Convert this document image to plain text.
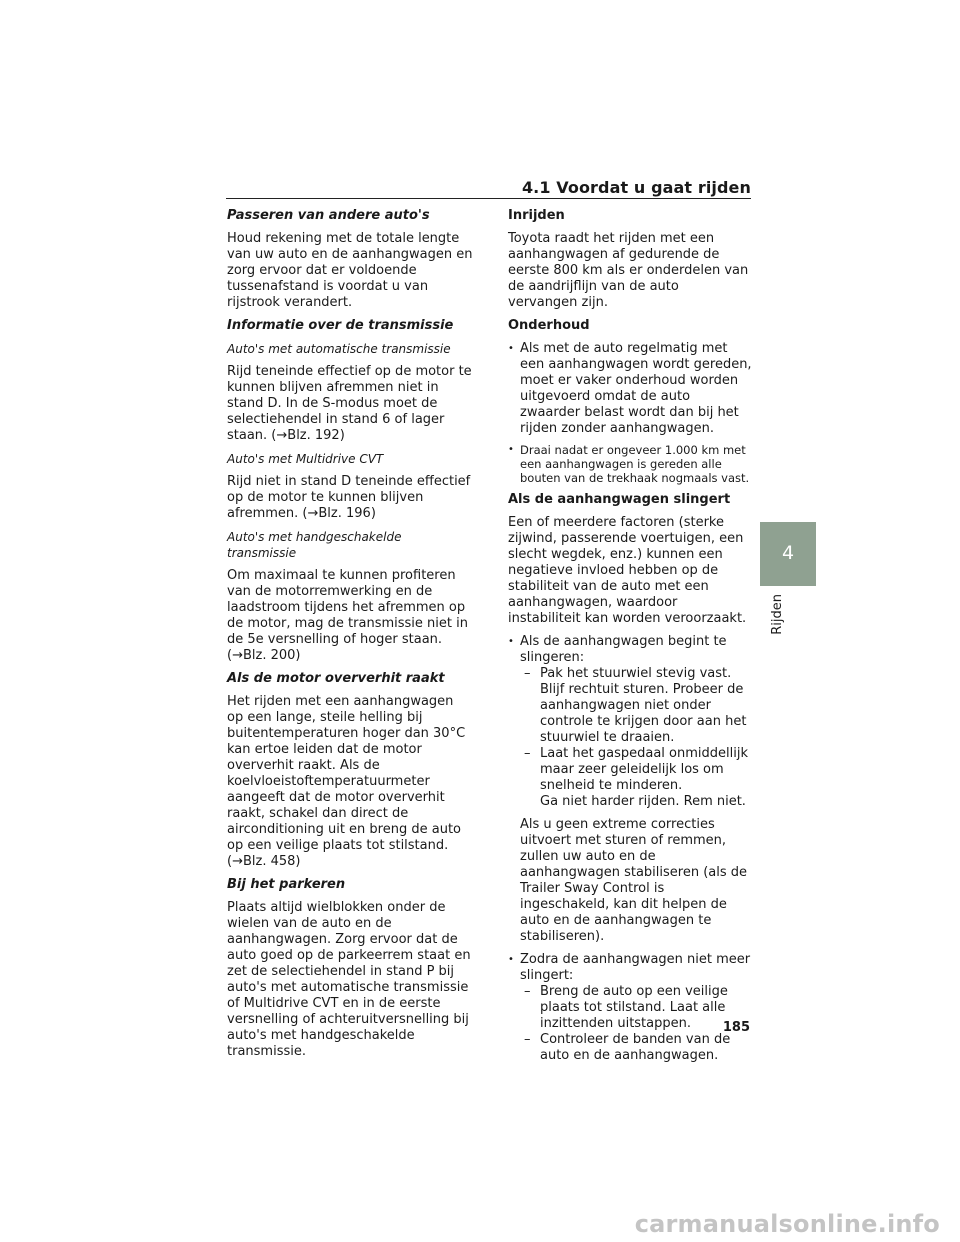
4.1 Voordat u gaat rijden
Passeren van andere auto's

Houd rekening met de totale lengte van uw auto en de aanhangwagen en zorg ervoor dat er voldoende tussenafstand is voordat u van rijstrook verandert.

Informatie over de transmissie
Auto's met automatische transmissie

Rijd teneinde effectief op de motor te kunnen blijven afremmen niet in stand D. In de S-modus moet de selectiehendel in stand 6 of lager staan. (→Blz. 192)

Auto's met Multidrive CVT

Rijd niet in stand D teneinde effectief op de motor te kunnen blijven afremmen. (→Blz. 196)

Auto's met handgeschakelde transmissie

Om maximaal te kunnen profiteren van de motorremwerking en de laadstroom tijdens het afremmen op de motor, mag de transmissie niet in de 5e versnelling of hoger staan. (→Blz. 200)

Als de motor oververhit raakt

Het rijden met een aanhangwagen op een lange, steile helling bij buitentemperaturen hoger dan 30°C kan ertoe leiden dat de motor oververhit raakt. Als de koelvloeistoftemperatuurmeter aangeeft dat de motor oververhit raakt, schakel dan direct de airconditioning uit en breng de auto op een veilige plaats tot stilstand. (→Blz. 458)

Bij het parkeren

Plaats altijd wielblokken onder de wielen van de auto en de aanhangwagen. Zorg ervoor dat de auto goed op de parkeerrem staat en zet de selectiehendel in stand P bij auto's met automatische transmissie of Multidrive CVT en in de eerste versnelling of achteruitversnelling bij auto's met handgeschakelde transmissie.

Inrijden

Toyota raadt het rijden met een aanhangwagen af gedurende de eerste 800 km als er onderdelen van de aandrijflijn van de auto vervangen zijn.

Onderhoud
• Als met de auto regelmatig met een aanhangwagen wordt gereden, moet er vaker onderhoud worden uitgevoerd omdat de auto zwaarder belast wordt dan bij het rijden zonder aanhangwagen.
• Draai nadat er ongeveer 1.000 km met een aanhangwagen is gereden alle bouten van de trekhaak nogmaals vast.
Als de aanhangwagen slingert

Een of meerdere factoren (sterke zijwind, passerende voertuigen, een slecht wegdek, enz.) kunnen een negatieve invloed hebben op de stabiliteit van de auto met een aanhangwagen, waardoor instabiliteit kan worden veroorzaakt.

• Als de aanhangwagen begint te slingeren:
– Pak het stuurwiel stevig vast. Blijf rechtuit sturen. Probeer de aanhangwagen niet onder controle te krijgen door aan het stuurwiel te draaien.
– Laat het gaspedaal onmiddellijk maar zeer geleidelijk los om snelheid te minderen.
Ga niet harder rijden. Rem niet.

Als u geen extreme correcties uitvoert met sturen of remmen, zullen uw auto en de aanhangwagen stabiliseren (als de Trailer Sway Control is ingeschakeld, kan dit helpen de auto en de aanhangwagen te stabiliseren).

• Zodra de aanhangwagen niet meer slingert:
– Breng de auto op een veilige plaats tot stilstand. Laat alle inzittenden uitstappen.
– Controleer de banden van de auto en de aanhangwagen.
4
Rijden
185
carmanualsonline.info
